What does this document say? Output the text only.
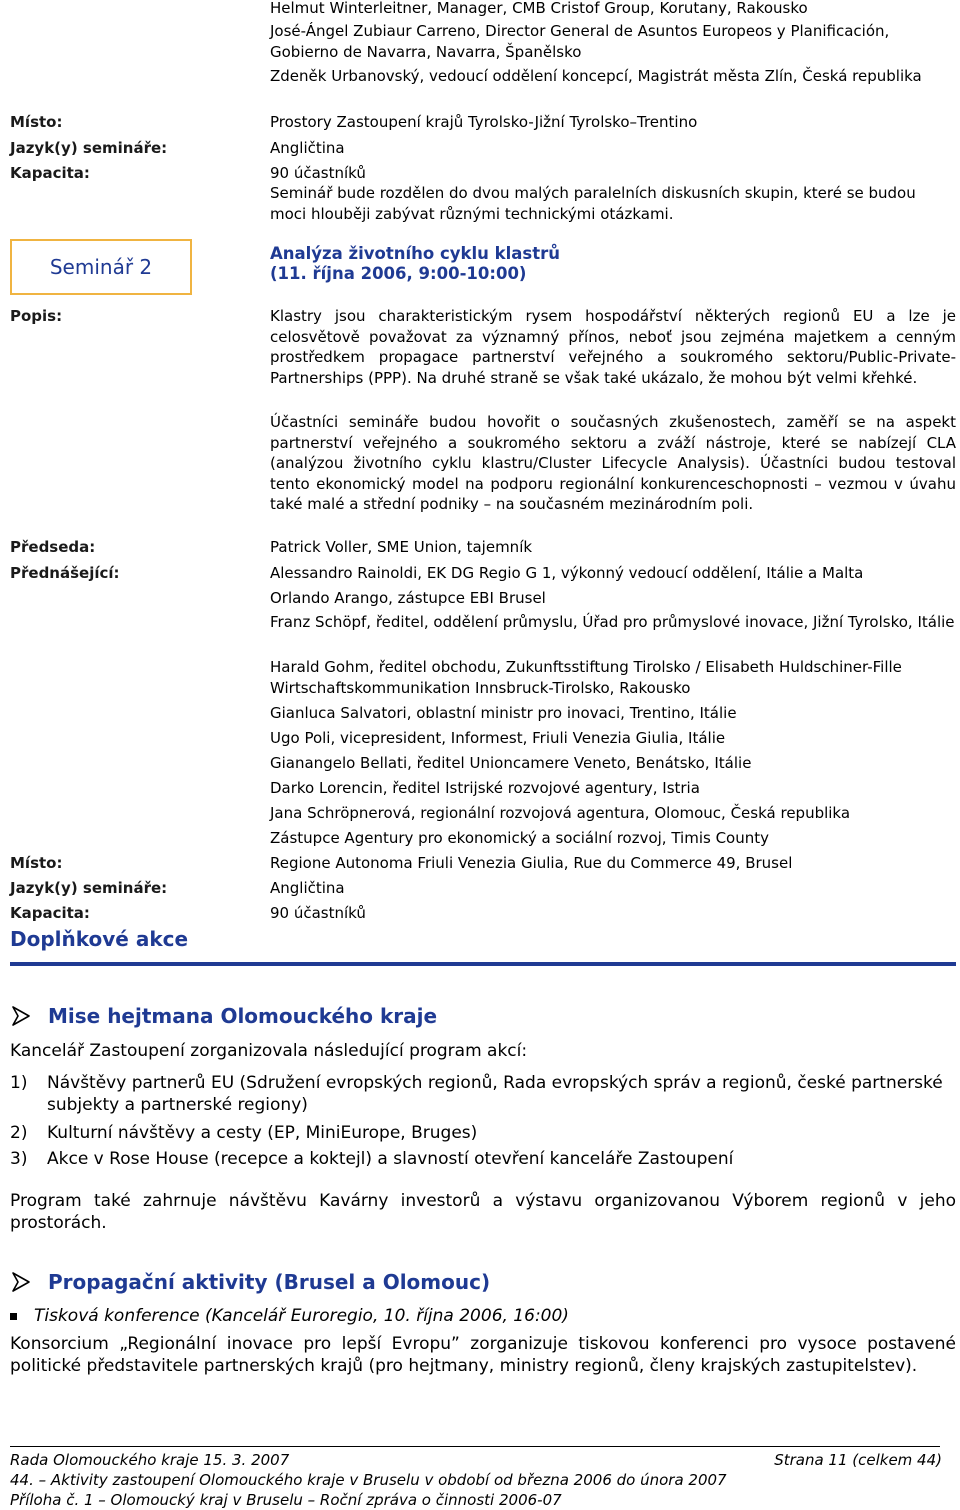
Helmut Winterleitner, Manager, CMB Cristof Group, Korutany, Rakousko
José-Ángel Zubiaur Carreno, Director General de Asuntos Europeos y Planificación, Gobierno de Navarra, Navarra, Španělsko
Zdeněk Urbanovský, vedoucí oddělení koncepcí, Magistrát města Zlín, Česká republika
Místo:	Prostory Zastoupení krajů Tyrolsko-Jižní Tyrolsko–Trentino
Jazyk(y) semináře:	Angličtina
Kapacita:	90 účastníků
Seminář bude rozdělen do dvou malých paralelních diskusních skupin, které se budou moci hlouběji zabývat různými technickými otázkami.
Seminář 2
Analýza životního cyklu klastrů
(11. října 2006, 9:00-10:00)
Popis:	Klastry jsou charakteristickým rysem hospodářství některých regionů EU a lze je celosvětově považovat za významný přínos, neboť jsou zejména majetkem a cenným prostředkem propagace partnerství veřejného a soukromého sektoru/Public-Private-Partnerships (PPP). Na druhé straně se však také ukázalo, že mohou být velmi křehké.
Účastníci semináře budou hovořit o současných zkušenostech, zaměří se na aspekt partnerství veřejného a soukromého sektoru a zváží nástroje, které se nabízejí CLA (analýzou životního cyklu klastru/Cluster Lifecycle Analysis). Účastníci budou testoval tento ekonomický model na podporu regionální konkurenceschopnosti – vezmou v úvahu také malé a střední podniky – na současném mezinárodním poli.
Předseda:	Patrick Voller, SME Union, tajemník
Přednášející:	Alessandro Rainoldi, EK DG Regio G 1, výkonný vedoucí oddělení, Itálie a Malta
Orlando Arango, zástupce EBI Brusel
Franz Schöpf, ředitel, oddělení průmyslu, Úřad pro průmyslové inovace, Jižní Tyrolsko, Itálie
Harald Gohm, ředitel obchodu, Zukunftsstiftung Tirolsko / Elisabeth Huldschiner-Fille Wirtschaftskommunikation Innsbruck-Tirolsko, Rakousko
Gianluca Salvatori, oblastní ministr pro inovaci, Trentino, Itálie
Ugo Poli, vicepresident, Informest, Friuli Venezia Giulia, Itálie
Gianangelo Bellati, ředitel Unioncamere Veneto, Benátsko, Itálie
Darko Lorencin, ředitel Istrijské rozvojové agentury, Istria
Jana Schröpnerová, regionální rozvojová agentura, Olomouc, Česká republika
Zástupce Agentury pro ekonomický a sociální rozvoj, Timis County
Místo:	Regione Autonoma Friuli Venezia Giulia, Rue du Commerce 49, Brusel
Jazyk(y) semináře:	Angličtina
Kapacita:	90 účastníků
Doplňkové akce
Mise hejtmana Olomouckého kraje
Kancelář Zastoupení zorganizovala následující program akcí:
1) Návštěvy partnerů EU (Sdružení evropských regionů, Rada evropských správ a regionů, české partnerské subjekty a partnerské regiony)
2) Kulturní návštěvy a cesty (EP, MiniEurope, Bruges)
3) Akce v Rose House (recepce a koktejl) a slavností otevření kanceláře Zastoupení
Program také zahrnuje návštěvu Kavárny investorů a výstavu organizovanou Výborem regionů v jeho prostorách.
Propagační aktivity (Brusel a Olomouc)
Tisková konference (Kancelář Euroregio, 10. října 2006, 16:00)
Konsorcium „Regionální inovace pro lepší Evropu” zorganizuje tiskovou konferenci pro vysoce postavené politické představitele partnerských krajů (pro hejtmany, ministry regionů, členy krajských zastupitelstev).
Rada Olomouckého kraje 15. 3. 2007	Strana 11 (celkem 44)
44. – Aktivity zastoupení Olomouckého kraje v Bruselu v období od března 2006 do února 2007
Příloha č. 1 – Olomoucký kraj v Bruselu – Roční zpráva o činnosti 2006-07
